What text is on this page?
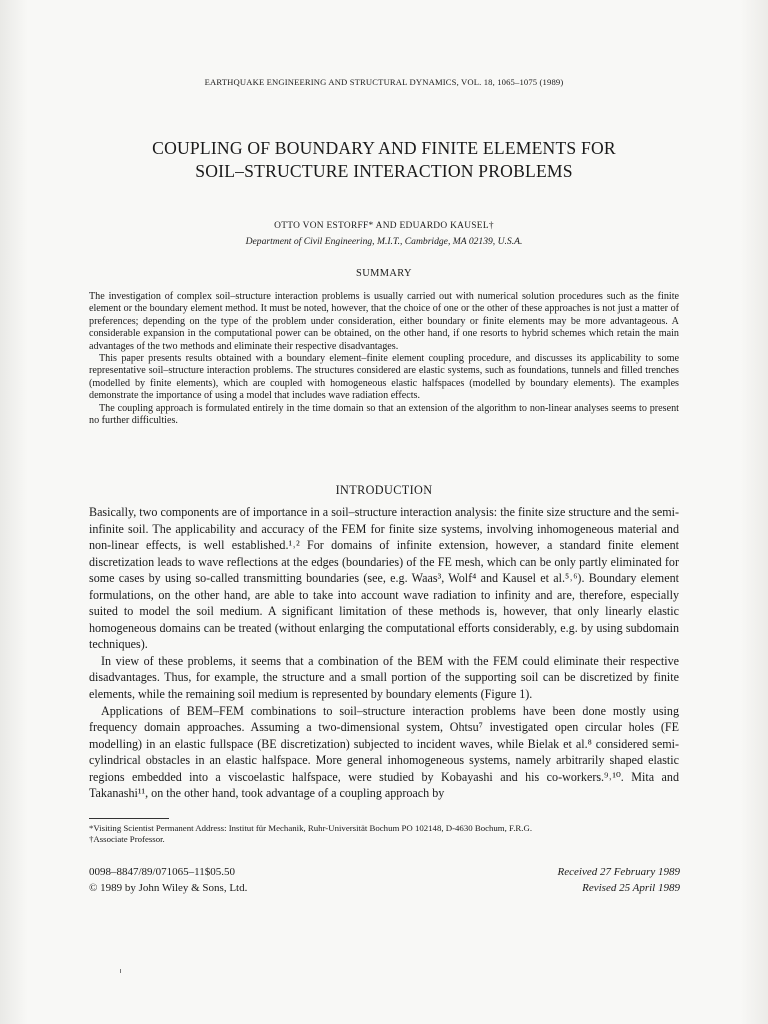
EARTHQUAKE ENGINEERING AND STRUCTURAL DYNAMICS, VOL. 18, 1065–1075 (1989)
COUPLING OF BOUNDARY AND FINITE ELEMENTS FOR
SOIL–STRUCTURE INTERACTION PROBLEMS
OTTO VON ESTORFF* AND EDUARDO KAUSEL†
Department of Civil Engineering, M.I.T., Cambridge, MA 02139, U.S.A.
SUMMARY

The investigation of complex soil–structure interaction problems is usually carried out with numerical solution procedures such as the finite element or the boundary element method. It must be noted, however, that the choice of one or the other of these approaches is not just a matter of preferences; depending on the type of the problem under consideration, either boundary or finite elements may be more advantageous. A considerable expansion in the computational power can be obtained, on the other hand, if one resorts to hybrid schemes which retain the main advantages of the two methods and eliminate their respective disadvantages.

This paper presents results obtained with a boundary element–finite element coupling procedure, and discusses its applicability to some representative soil–structure interaction problems. The structures considered are elastic systems, such as foundations, tunnels and filled trenches (modelled by finite elements), which are coupled with homogeneous elastic halfspaces (modelled by boundary elements). The examples demonstrate the importance of using a model that includes wave radiation effects.

The coupling approach is formulated entirely in the time domain so that an extension of the algorithm to non-linear analyses seems to present no further difficulties.

INTRODUCTION

Basically, two components are of importance in a soil–structure interaction analysis: the finite size structure and the semi-infinite soil. The applicability and accuracy of the FEM for finite size systems, involving inhomogeneous material and non-linear effects, is well established.¹˒² For domains of infinite extension, however, a standard finite element discretization leads to wave reflections at the edges (boundaries) of the FE mesh, which can be only partly eliminated for some cases by using so-called transmitting boundaries (see, e.g. Waas³, Wolf⁴ and Kausel et al.⁵˒⁶). Boundary element formulations, on the other hand, are able to take into account wave radiation to infinity and are, therefore, especially suited to model the soil medium. A significant limitation of these methods is, however, that only linearly elastic homogeneous domains can be treated (without enlarging the computational efforts considerably, e.g. by using subdomain techniques).

In view of these problems, it seems that a combination of the BEM with the FEM could eliminate their respective disadvantages. Thus, for example, the structure and a small portion of the supporting soil can be discretized by finite elements, while the remaining soil medium is represented by boundary elements (Figure 1).

Applications of BEM–FEM combinations to soil–structure interaction problems have been done mostly using frequency domain approaches. Assuming a two-dimensional system, Ohtsu⁷ investigated open circular holes (FE modelling) in an elastic fullspace (BE discretization) subjected to incident waves, while Bielak et al.⁸ considered semi-cylindrical obstacles in an elastic halfspace. More general inhomogeneous systems, namely arbitrarily shaped elastic regions embedded into a viscoelastic halfspace, were studied by Kobayashi and his co-workers.⁹˒¹⁰. Mita and Takanashi¹¹, on the other hand, took advantage of a coupling approach by

*Visiting Scientist Permanent Address: Institut für Mechanik, Ruhr-Universität Bochum PO 102148, D-4630 Bochum, F.R.G.
†Associate Professor.
0098–8847/89/071065–11$05.50
© 1989 by John Wiley & Sons, Ltd.
Received 27 February 1989
Revised 25 April 1989
